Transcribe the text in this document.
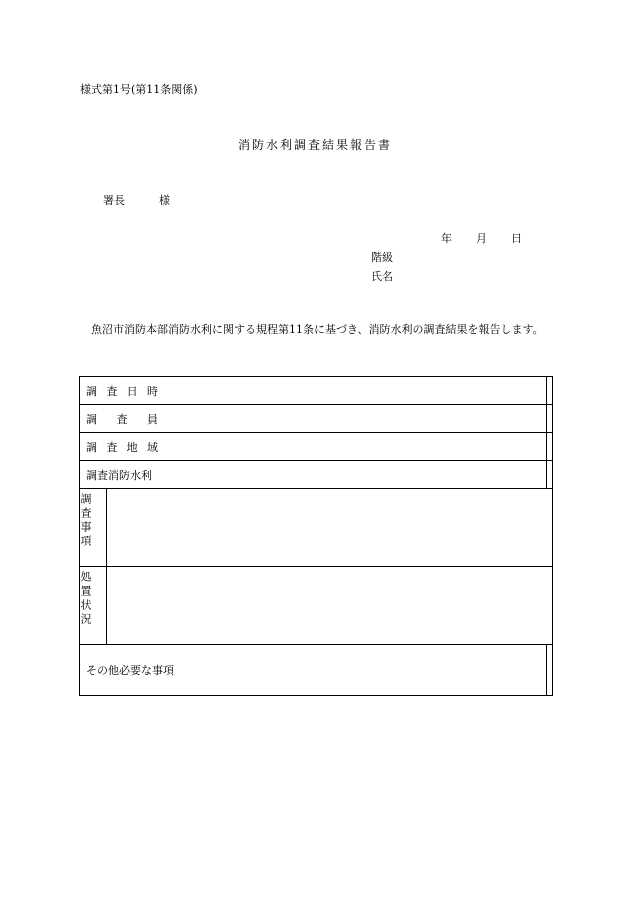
様式第1号(第11条関係)
消防水利調査結果報告書
署長	様
年 月 日
階級
氏名
魚沼市消防本部消防水利に関する規程第11条に基づき、消防水利の調査結果を報告します。
調 査 日 時		

調 査 員		

調 査 地 域		

調査消防水利		

調査事項		

処置状況		

その他必要な事項		
